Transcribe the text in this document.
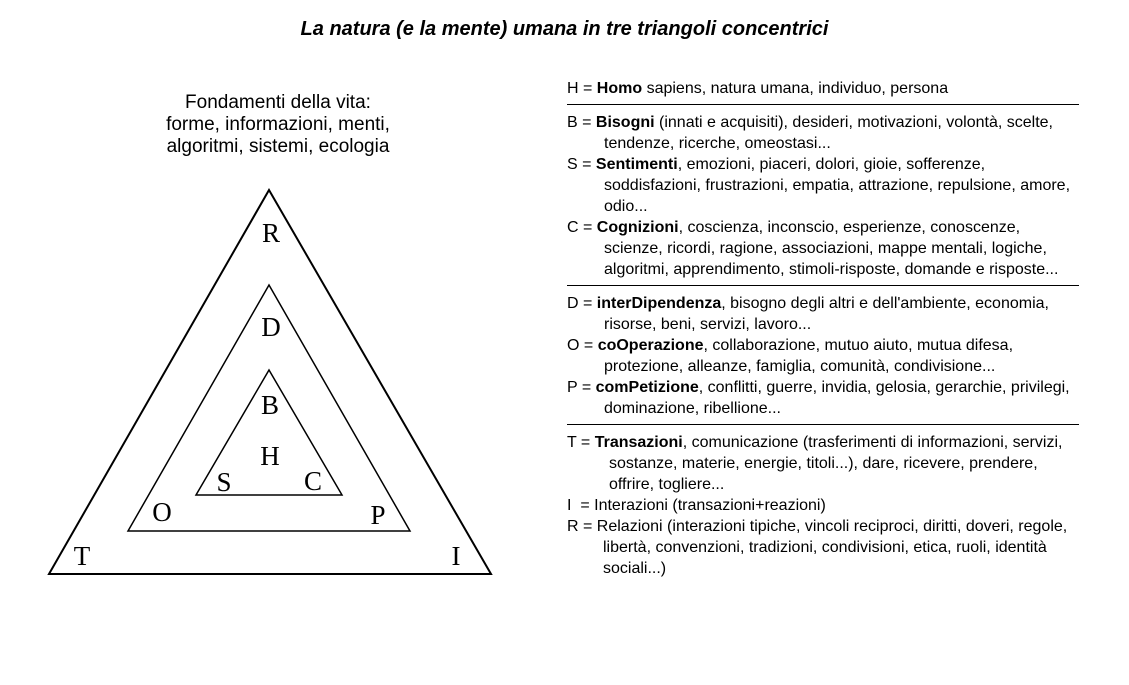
La natura (e la mente) umana in tre triangoli concentrici
Fondamenti della vita:
forme, informazioni, menti,
algoritmi, sistemi, ecologia
R
T	I
D
O	P
B
H
S	C
H = Homo sapiens, natura umana, individuo, persona
B = Bisogni (innati e acquisiti), desideri, motivazioni, volontà, scelte, tendenze, ricerche, omeostasi...
S = Sentimenti, emozioni, piaceri, dolori, gioie, sofferenze, soddisfazioni, frustrazioni, empatia, attrazione, repulsione, amore, odio...
C = Cognizioni, coscienza, inconscio, esperienze, conoscenze, scienze, ricordi, ragione, associazioni, mappe mentali, logiche, algoritmi, apprendimento, stimoli-risposte, domande e risposte...
D = interDipendenza, bisogno degli altri e dell'ambiente, economia, risorse, beni, servizi, lavoro...
O = coOperazione, collaborazione, mutuo aiuto, mutua difesa, protezione, alleanze, famiglia, comunità, condivisione...
P = comPetizione, conflitti, guerre, invidia, gelosia, gerarchie, privilegi, dominazione, ribellione...
T = Transazioni, comunicazione (trasferimenti di informazioni, servizi, sostanze, materie, energie, titoli...), dare, ricevere, prendere, offrire, togliere...
I  = Interazioni (transazioni+reazioni)
R = Relazioni (interazioni tipiche, vincoli reciproci, diritti, doveri, regole, libertà, convenzioni, tradizioni, condivisioni, etica, ruoli, identità sociali...)
